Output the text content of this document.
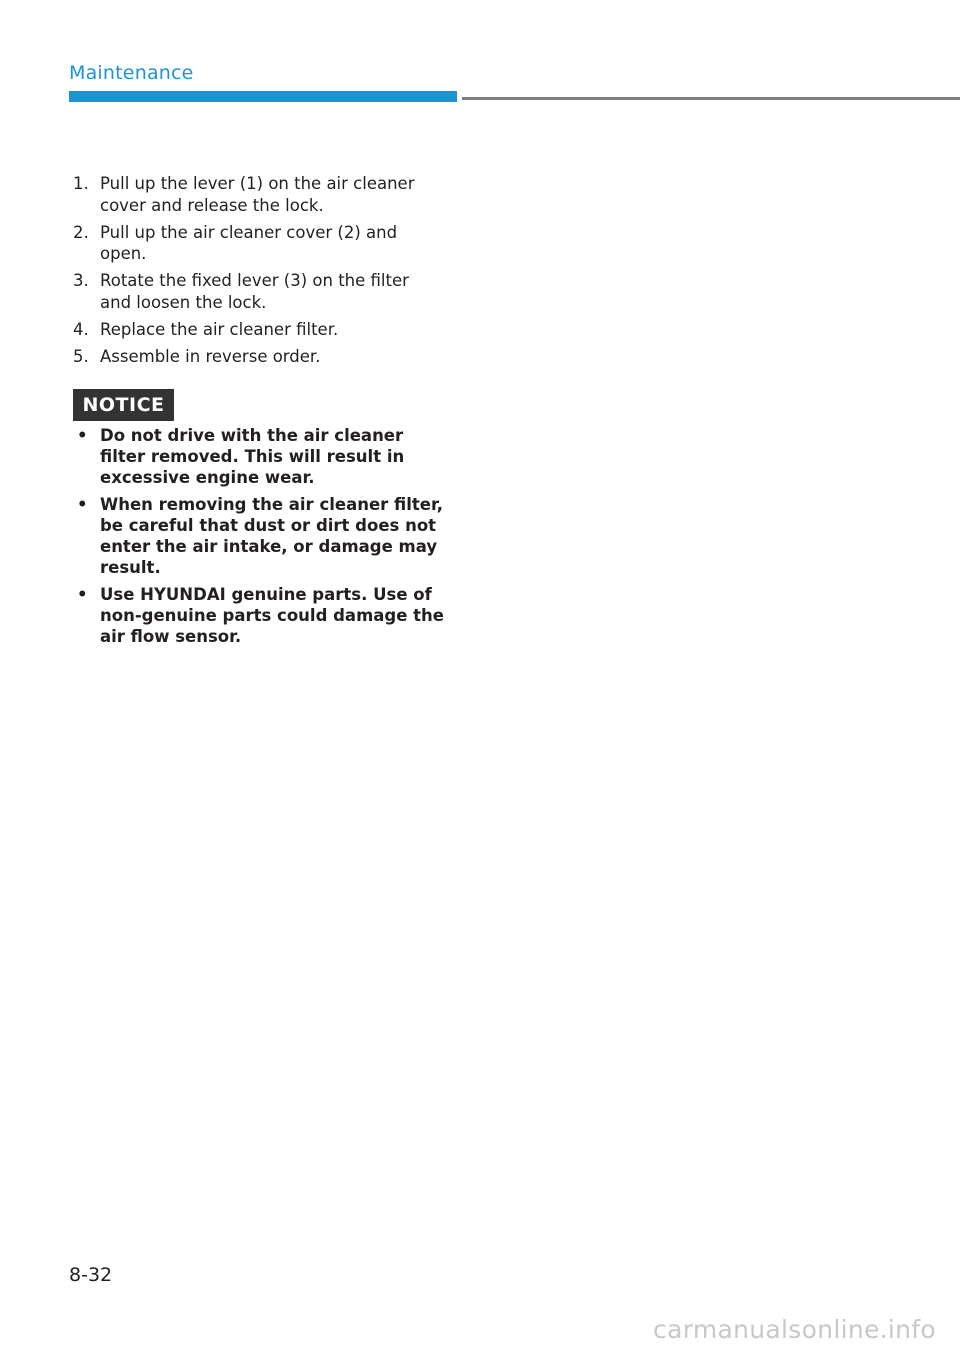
Maintenance
1. Pull up the lever (1) on the air cleaner cover and release the lock.
2. Pull up the air cleaner cover (2) and open.
3. Rotate the fixed lever (3) on the filter and loosen the lock.
4. Replace the air cleaner filter.
5. Assemble in reverse order.
NOTICE
• Do not drive with the air cleaner filter removed. This will result in excessive engine wear.
• When removing the air cleaner filter, be careful that dust or dirt does not enter the air intake, or damage may result.
• Use HYUNDAI genuine parts. Use of non-genuine parts could damage the air flow sensor.
8-32
carmanualsonline.info
